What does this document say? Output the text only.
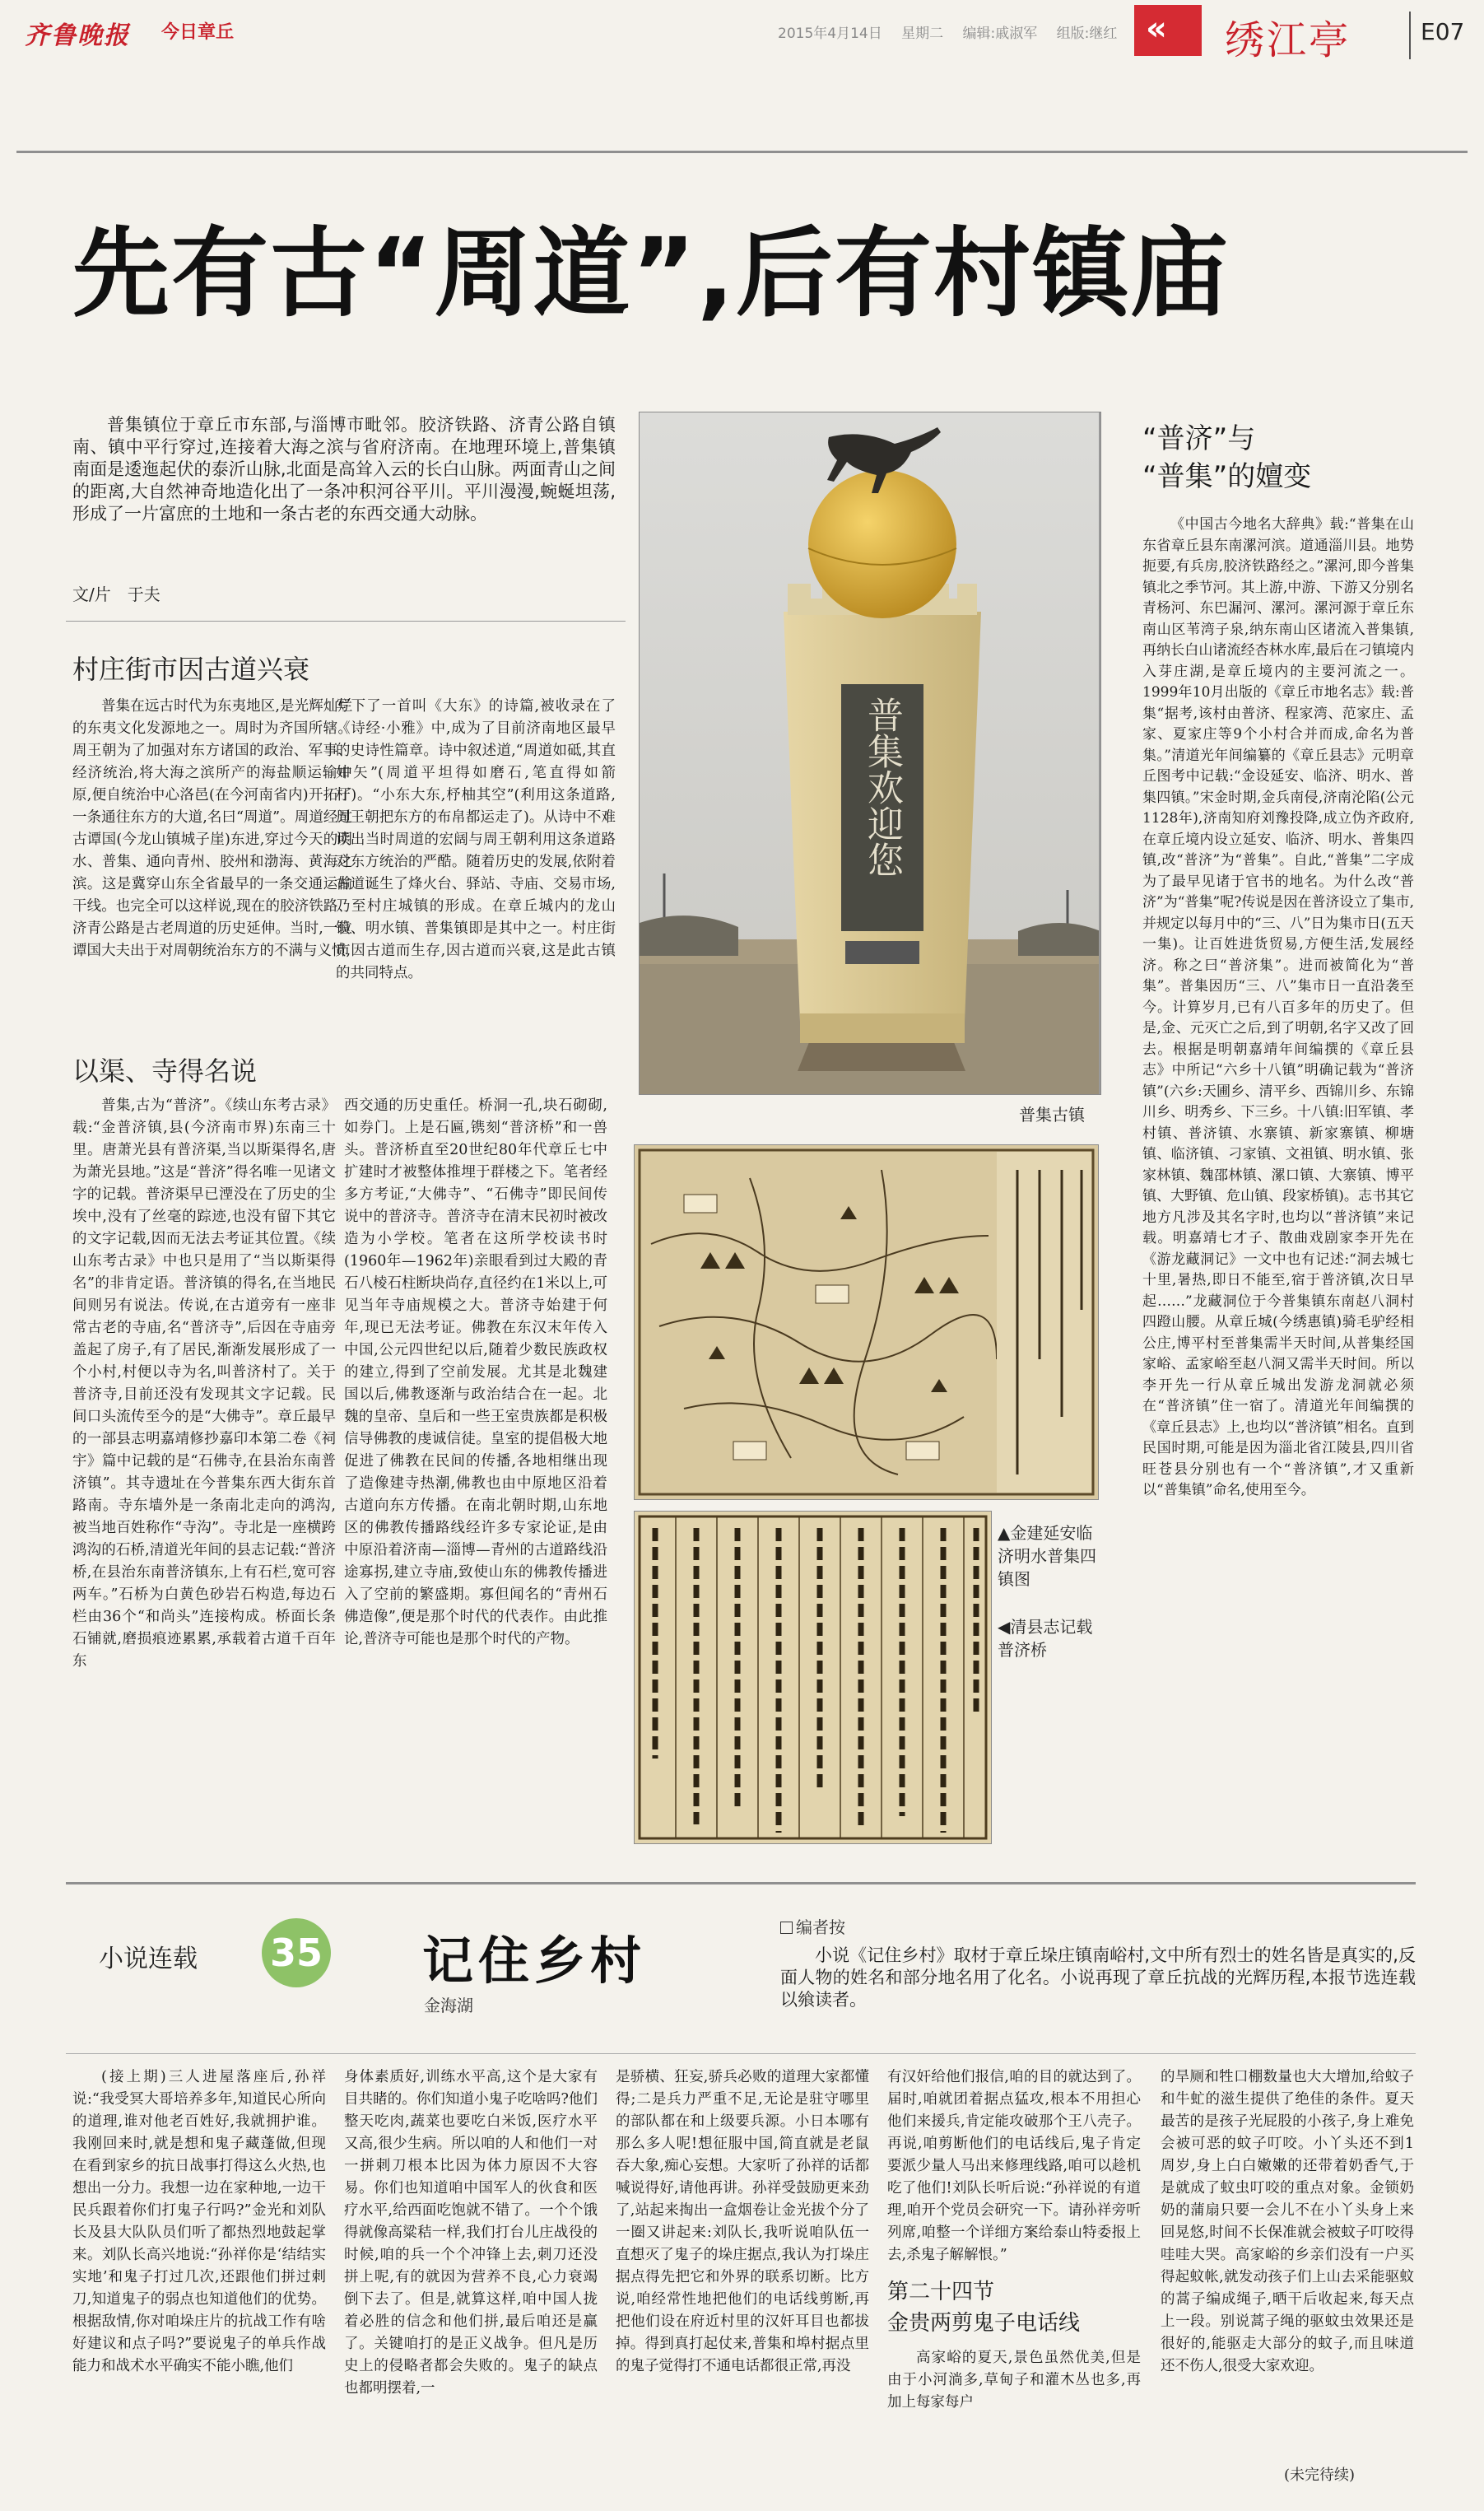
齐鲁晚报 今日章丘	2015年4月14日 星期二 编辑:戚淑军 组版:继红 « 绣江亭	E07
先有古“周道”,后有村镇庙
普集镇位于章丘市东部,与淄博市毗邻。胶济铁路、济青公路自镇南、镇中平行穿过,连接着大海之滨与省府济南。在地理环境上,普集镇南面是逶迤起伏的泰沂山脉,北面是高耸入云的长白山脉。两面青山之间的距离,大自然神奇地造化出了一条冲积河谷平川。平川漫漫,蜿蜒坦荡,形成了一片富庶的土地和一条古老的东西交通大动脉。
文/片　于夫
村庄街市因古道兴衰

普集在远古时代为东夷地区,是光辉灿烂的东夷文化发源地之一。周时为齐国所辖。周王朝为了加强对东方诸国的政治、军事、经济统治,将大海之滨所产的海盐顺运输中原,便自统治中心洛邑(在今河南省内)开拓了一条通往东方的大道,名曰“周道”。周道经过古谭国(今龙山镇城子崖)东进,穿过今天的明水、普集、通向青州、胶州和渤海、黄海之滨。这是冀穿山东全省最早的一条交通运输干线。也完全可以这样说,现在的胶济铁路、济青公路是古老周道的历史延伸。当时,一位谭国大夫出于对周朝统治东方的不满与义愤,

写下了一首叫《大东》的诗篇,被收录在了《诗经·小雅》中,成为了目前济南地区最早的史诗性篇章。诗中叙述道,“周道如砥,其直如矢”(周道平坦得如磨石,笔直得如箭杆)。“小东大东,杼柚其空”(利用这条道路,周王朝把东方的布帛都运走了)。从诗中不难读出当时周道的宏阔与周王朝利用这条道路对东方统治的严酷。随着历史的发展,依附着古道诞生了烽火台、驿站、寺庙、交易市场,乃至村庄城镇的形成。在章丘城内的龙山镇、明水镇、普集镇即是其中之一。村庄街市因古道而生存,因古道而兴衰,这是此古镇的共同特点。

以渠、寺得名说

普集,古为“普济”。《续山东考古录》载:“金普济镇,县(今济南市界)东南三十里。唐萧光县有普济渠,当以斯渠得名,唐为萧光县地。”这是“普济”得名唯一见诸文字的记载。普济渠早已湮没在了历史的尘埃中,没有了丝毫的踪迹,也没有留下其它的文字记载,因而无法去考证其位置。《续山东考古录》中也只是用了“当以斯渠得名”的非肯定语。普济镇的得名,在当地民间则另有说法。传说,在古道旁有一座非常古老的寺庙,名“普济寺”,后因在寺庙旁盖起了房子,有了居民,渐渐发展形成了一个小村,村便以寺为名,叫普济村了。关于普济寺,目前还没有发现其文字记载。民间口头流传至今的是“大佛寺”。章丘最早的一部县志明嘉靖修抄嘉印本第二卷《祠宇》篇中记载的是“石佛寺,在县治东南普济镇”。其寺遗址在今普集东西大街东首路南。寺东墙外是一条南北走向的鸿沟,被当地百姓称作“寺沟”。寺北是一座横跨鸿沟的石桥,清道光年间的县志记载:“普济桥,在县治东南普济镇东,上有石栏,宽可容两车。”石桥为白黄色砂岩石构造,每边石栏由36个“和尚头”连接构成。桥面长条石铺就,磨损痕迹累累,承载着古道千百年东

西交通的历史重任。桥洞一孔,块石砌砌,如券门。上是石匾,镌刻“普济桥”和一兽头。普济桥直至20世纪80年代章丘七中扩建时才被整体推埋于群楼之下。笔者经多方考证,“大佛寺”、“石佛寺”即民间传说中的普济寺。普济寺在清末民初时被改造为小学校。笔者在这所学校读书时(1960年—1962年)亲眼看到过大殿的青石八棱石柱断块尚存,直径约在1米以上,可见当年寺庙规模之大。普济寺始建于何年,现已无法考证。佛教在东汉末年传入中国,公元四世纪以后,随着少数民族政权的建立,得到了空前发展。尤其是北魏建国以后,佛教逐渐与政治结合在一起。北魏的皇帝、皇后和一些王室贵族都是积极信导佛教的虔诚信徒。皇室的提倡极大地促进了佛教在民间的传播,各地相继出现了造像建寺热潮,佛教也由中原地区沿着古道向东方传播。在南北朝时期,山东地区的佛教传播路线经许多专家论证,是由中原沿着济南—淄博—青州的古道路线沿途寡拐,建立寺庙,致使山东的佛教传播进入了空前的繁盛期。寡但闻名的“青州石佛造像”,便是那个时代的代表作。由此推论,普济寺可能也是那个时代的产物。

普集欢迎您
普集古镇
▲金建延安临济明水普集四镇图
◀清县志记载普济桥
“普济”与
“普集”的嬗变

《中国古今地名大辞典》载:“普集在山东省章丘县东南漯河滨。道通淄川县。地势扼要,有兵房,胶济铁路经之。”漯河,即今普集镇北之季节河。其上游,中游、下游又分别名青杨河、东巴漏河、漯河。漯河源于章丘东南山区苇湾子泉,纳东南山区诸流入普集镇,再纳长白山诸流经杏林水库,最后在刁镇境内入芽庄湖,是章丘境内的主要河流之一。1999年10月出版的《章丘市地名志》载:普集“据考,该村由普济、程家湾、范家庄、孟家、夏家庄等9个小村合并而成,命名为普集。”清道光年间编纂的《章丘县志》元明章丘图考中记载:“金设延安、临济、明水、普集四镇。”宋金时期,金兵南侵,济南沦陷(公元1128年),济南知府刘豫投降,成立伪齐政府,在章丘境内设立延安、临济、明水、普集四镇,改“普济”为“普集”。自此,“普集”二字成为了最早见诸于官书的地名。为什么改“普济”为“普集”呢?传说是因在普济设立了集市,并规定以每月中的“三、八”日为集市日(五天一集)。让百姓进货贸易,方便生活,发展经济。称之曰“普济集”。进而被简化为“普集”。普集因历“三、八”集市日一直沿袭至今。计算岁月,已有八百多年的历史了。但是,金、元灭亡之后,到了明朝,名字又改了回去。根据是明朝嘉靖年间编撰的《章丘县志》中所记“六乡十八镇”明确记载为“普济镇”(六乡:天圃乡、清平乡、西锦川乡、东锦川乡、明秀乡、下三乡。十八镇:旧军镇、孝村镇、普济镇、水寨镇、新家寨镇、柳塘镇、临济镇、刁家镇、文祖镇、明水镇、张家林镇、魏邵林镇、漯口镇、大寨镇、博平镇、大野镇、危山镇、段家桥镇)。志书其它地方凡涉及其名字时,也均以“普济镇”来记载。明嘉靖七才子、散曲戏剧家李开先在《游龙藏洞记》一文中也有记述:“洞去城七十里,暑热,即日不能至,宿于普济镇,次日早起……”龙藏洞位于今普集镇东南赵八洞村四蹬山腰。从章丘城(今绣惠镇)骑毛驴经相公庄,博平村至普集需半天时间,从普集经国家峪、孟家峪至赵八洞又需半天时间。所以李开先一行从章丘城出发游龙洞就必须在“普济镇”住一宿了。清道光年间编撰的《章丘县志》上,也均以“普济镇”相名。直到民国时期,可能是因为淄北省江陵县,四川省旺苍县分别也有一个“普济镇”,才又重新以“普集镇”命名,使用至今。

小说连载 35 记住乡村
金海湖
编者按
小说《记住乡村》取材于章丘垛庄镇南峪村,文中所有烈士的姓名皆是真实的,反面人物的姓名和部分地名用了化名。小说再现了章丘抗战的光辉历程,本报节选连载以飨读者。

(接上期)三人进屋落座后,孙祥说:“我受冥大哥培养多年,知道民心所向的道理,谁对他老百姓好,我就拥护谁。我刚回来时,就是想和鬼子藏蓬做,但现在看到家乡的抗日战事打得这么火热,也想出一分力。我想一边在家种地,一边干民兵跟着你们打鬼子行吗?”金光和刘队长及县大队队员们听了都热烈地鼓起掌来。刘队长高兴地说:“孙祥你是‘结结实实地’和鬼子打过几次,还跟他们拼过刺刀,知道鬼子的弱点也知道他们的优势。根据敌情,你对咱垛庄片的抗战工作有啥好建议和点子吗?”要说鬼子的单兵作战能力和战术水平确实不能小瞧,他们

身体素质好,训练水平高,这个是大家有目共睹的。你们知道小鬼子吃啥吗?他们整天吃肉,蔬菜也要吃白米饭,医疗水平又高,很少生病。所以咱的人和他们一对一拼刺刀根本比因为体力原因不大容易。你们也知道咱中国军人的伙食和医疗水平,给西面吃饱就不错了。一个个饿得就像高粱秸一样,我们打台儿庄战役的时候,咱的兵一个个冲锋上去,刺刀还没拼上呢,有的就因为营养不良,心力衰竭倒下去了。但是,就算这样,咱中国人拢着必胜的信念和他们拼,最后咱还是赢了。关键咱打的是正义战争。但凡是历史上的侵略者都会失败的。鬼子的缺点也都明摆着,一

是骄横、狂妄,骄兵必败的道理大家都懂得;二是兵力严重不足,无论是驻守哪里的部队都在和上级要兵源。小日本哪有那么多人呢!想征服中国,简直就是老鼠吞大象,痴心妄想。大家听了孙祥的话都喊说得好,请他再讲。孙祥受鼓励更来劲了,站起来掏出一盒烟卷让金光拔个分了一圈又讲起来:刘队长,我听说咱队伍一直想灭了鬼子的垛庄据点,我认为打垛庄据点得先把它和外界的联系切断。比方说,咱经常性地把他们的电话线剪断,再把他们设在府近村里的汉奸耳目也都拔掉。得到真打起仗来,普集和埠村据点里的鬼子觉得打不通电话都很正常,再没

有汉奸给他们报信,咱的目的就达到了。届时,咱就团着据点猛攻,根本不用担心他们来援兵,肯定能攻破那个王八壳子。再说,咱剪断他们的电话线后,鬼子肯定要派少量人马出来修理线路,咱可以趁机吃了他们!刘队长听后说:“孙祥说的有道理,咱开个党员会研究一下。请孙祥旁听列席,咱整一个详细方案给泰山特委报上去,杀鬼子解解恨。”

第二十四节
金贵两剪鬼子电话线

高家峪的夏天,景色虽然优美,但是由于小河淌多,草甸子和灌木丛也多,再加上每家每户

的旱厕和牲口棚数量也大大增加,给蚊子和牛虻的滋生提供了绝佳的条件。夏天最苦的是孩子光屁股的小孩子,身上难免会被可恶的蚊子叮咬。小丫头还不到1周岁,身上白白嫩嫩的还带着奶香气,于是就成了蚊虫叮咬的重点对象。金锁奶奶的蒲扇只要一会儿不在小丫头身上来回晃悠,时间不长保准就会被蚊子叮咬得哇哇大哭。高家峪的乡亲们没有一户买得起蚊帐,就发动孩子们上山去采能驱蚊的蒿子编成绳子,晒干后收起来,每天点上一段。别说蒿子绳的驱蚊虫效果还是很好的,能驱走大部分的蚊子,而且味道还不伤人,很受大家欢迎。

(未完待续)
